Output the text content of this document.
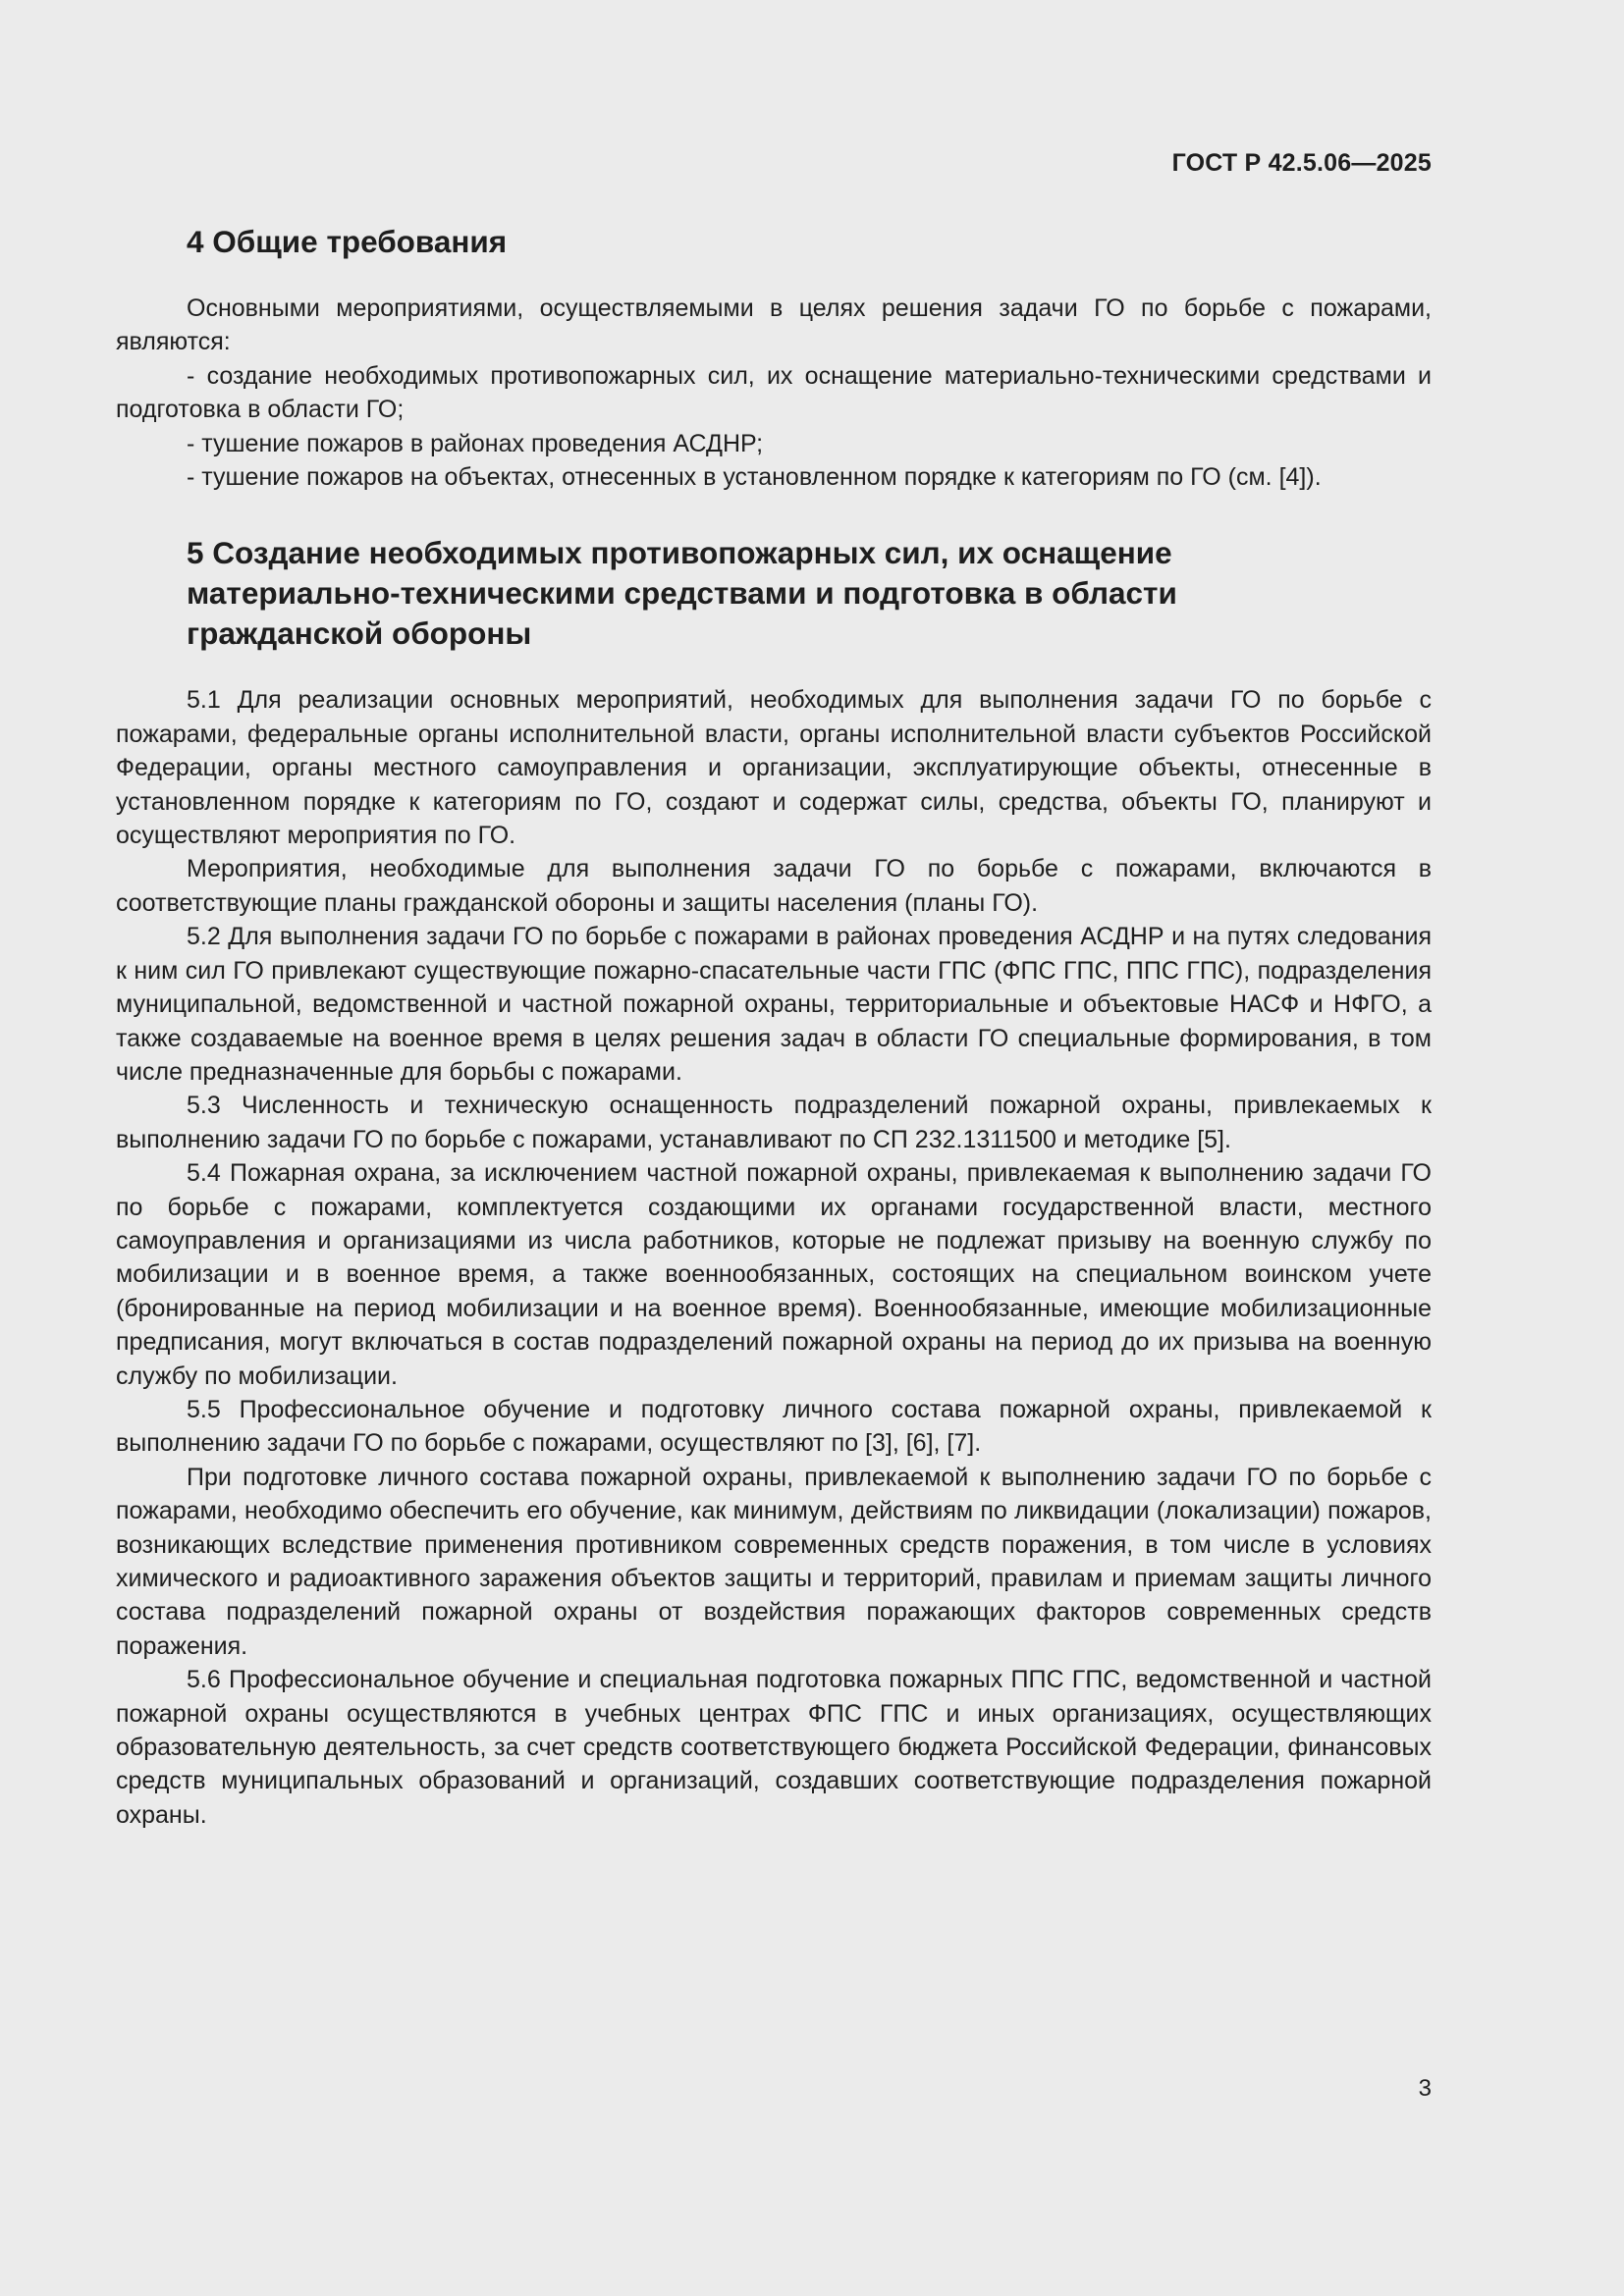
ГОСТ Р 42.5.06—2025
4 Общие требования

Основными мероприятиями, осуществляемыми в целях решения задачи ГО по борьбе с пожарами, являются:

- создание необходимых противопожарных сил, их оснащение материально-техническими средствами и подготовка в области ГО;

- тушение пожаров в районах проведения АСДНР;

- тушение пожаров на объектах, отнесенных в установленном порядке к категориям по ГО (см. [4]).

5 Создание необходимых противопожарных сил, их оснащение материально-техническими средствами и подготовка в области гражданской обороны

5.1 Для реализации основных мероприятий, необходимых для выполнения задачи ГО по борьбе с пожарами, федеральные органы исполнительной власти, органы исполнительной власти субъектов Российской Федерации, органы местного самоуправления и организации, эксплуатирующие объекты, отнесенные в установленном порядке к категориям по ГО, создают и содержат силы, средства, объекты ГО, планируют и осуществляют мероприятия по ГО.

Мероприятия, необходимые для выполнения задачи ГО по борьбе с пожарами, включаются в соответствующие планы гражданской обороны и защиты населения (планы ГО).

5.2 Для выполнения задачи ГО по борьбе с пожарами в районах проведения АСДНР и на путях следования к ним сил ГО привлекают существующие пожарно-спасательные части ГПС (ФПС ГПС, ППС ГПС), подразделения муниципальной, ведомственной и частной пожарной охраны, территориальные и объектовые НАСФ и НФГО, а также создаваемые на военное время в целях решения задач в области ГО специальные формирования, в том числе предназначенные для борьбы с пожарами.

5.3 Численность и техническую оснащенность подразделений пожарной охраны, привлекаемых к выполнению задачи ГО по борьбе с пожарами, устанавливают по СП 232.1311500 и методике [5].

5.4 Пожарная охрана, за исключением частной пожарной охраны, привлекаемая к выполнению задачи ГО по борьбе с пожарами, комплектуется создающими их органами государственной власти, местного самоуправления и организациями из числа работников, которые не подлежат призыву на военную службу по мобилизации и в военное время, а также военнообязанных, состоящих на специальном воинском учете (бронированные на период мобилизации и на военное время). Военнообязанные, имеющие мобилизационные предписания, могут включаться в состав подразделений пожарной охраны на период до их призыва на военную службу по мобилизации.

5.5 Профессиональное обучение и подготовку личного состава пожарной охраны, привлекаемой к выполнению задачи ГО по борьбе с пожарами, осуществляют по [3], [6], [7].

При подготовке личного состава пожарной охраны, привлекаемой к выполнению задачи ГО по борьбе с пожарами, необходимо обеспечить его обучение, как минимум, действиям по ликвидации (локализации) пожаров, возникающих вследствие применения противником современных средств поражения, в том числе в условиях химического и радиоактивного заражения объектов защиты и территорий, правилам и приемам защиты личного состава подразделений пожарной охраны от воздействия поражающих факторов современных средств поражения.

5.6 Профессиональное обучение и специальная подготовка пожарных ППС ГПС, ведомственной и частной пожарной охраны осуществляются в учебных центрах ФПС ГПС и иных организациях, осуществляющих образовательную деятельность, за счет средств соответствующего бюджета Российской Федерации, финансовых средств муниципальных образований и организаций, создавших соответствующие подразделения пожарной охраны.

3
